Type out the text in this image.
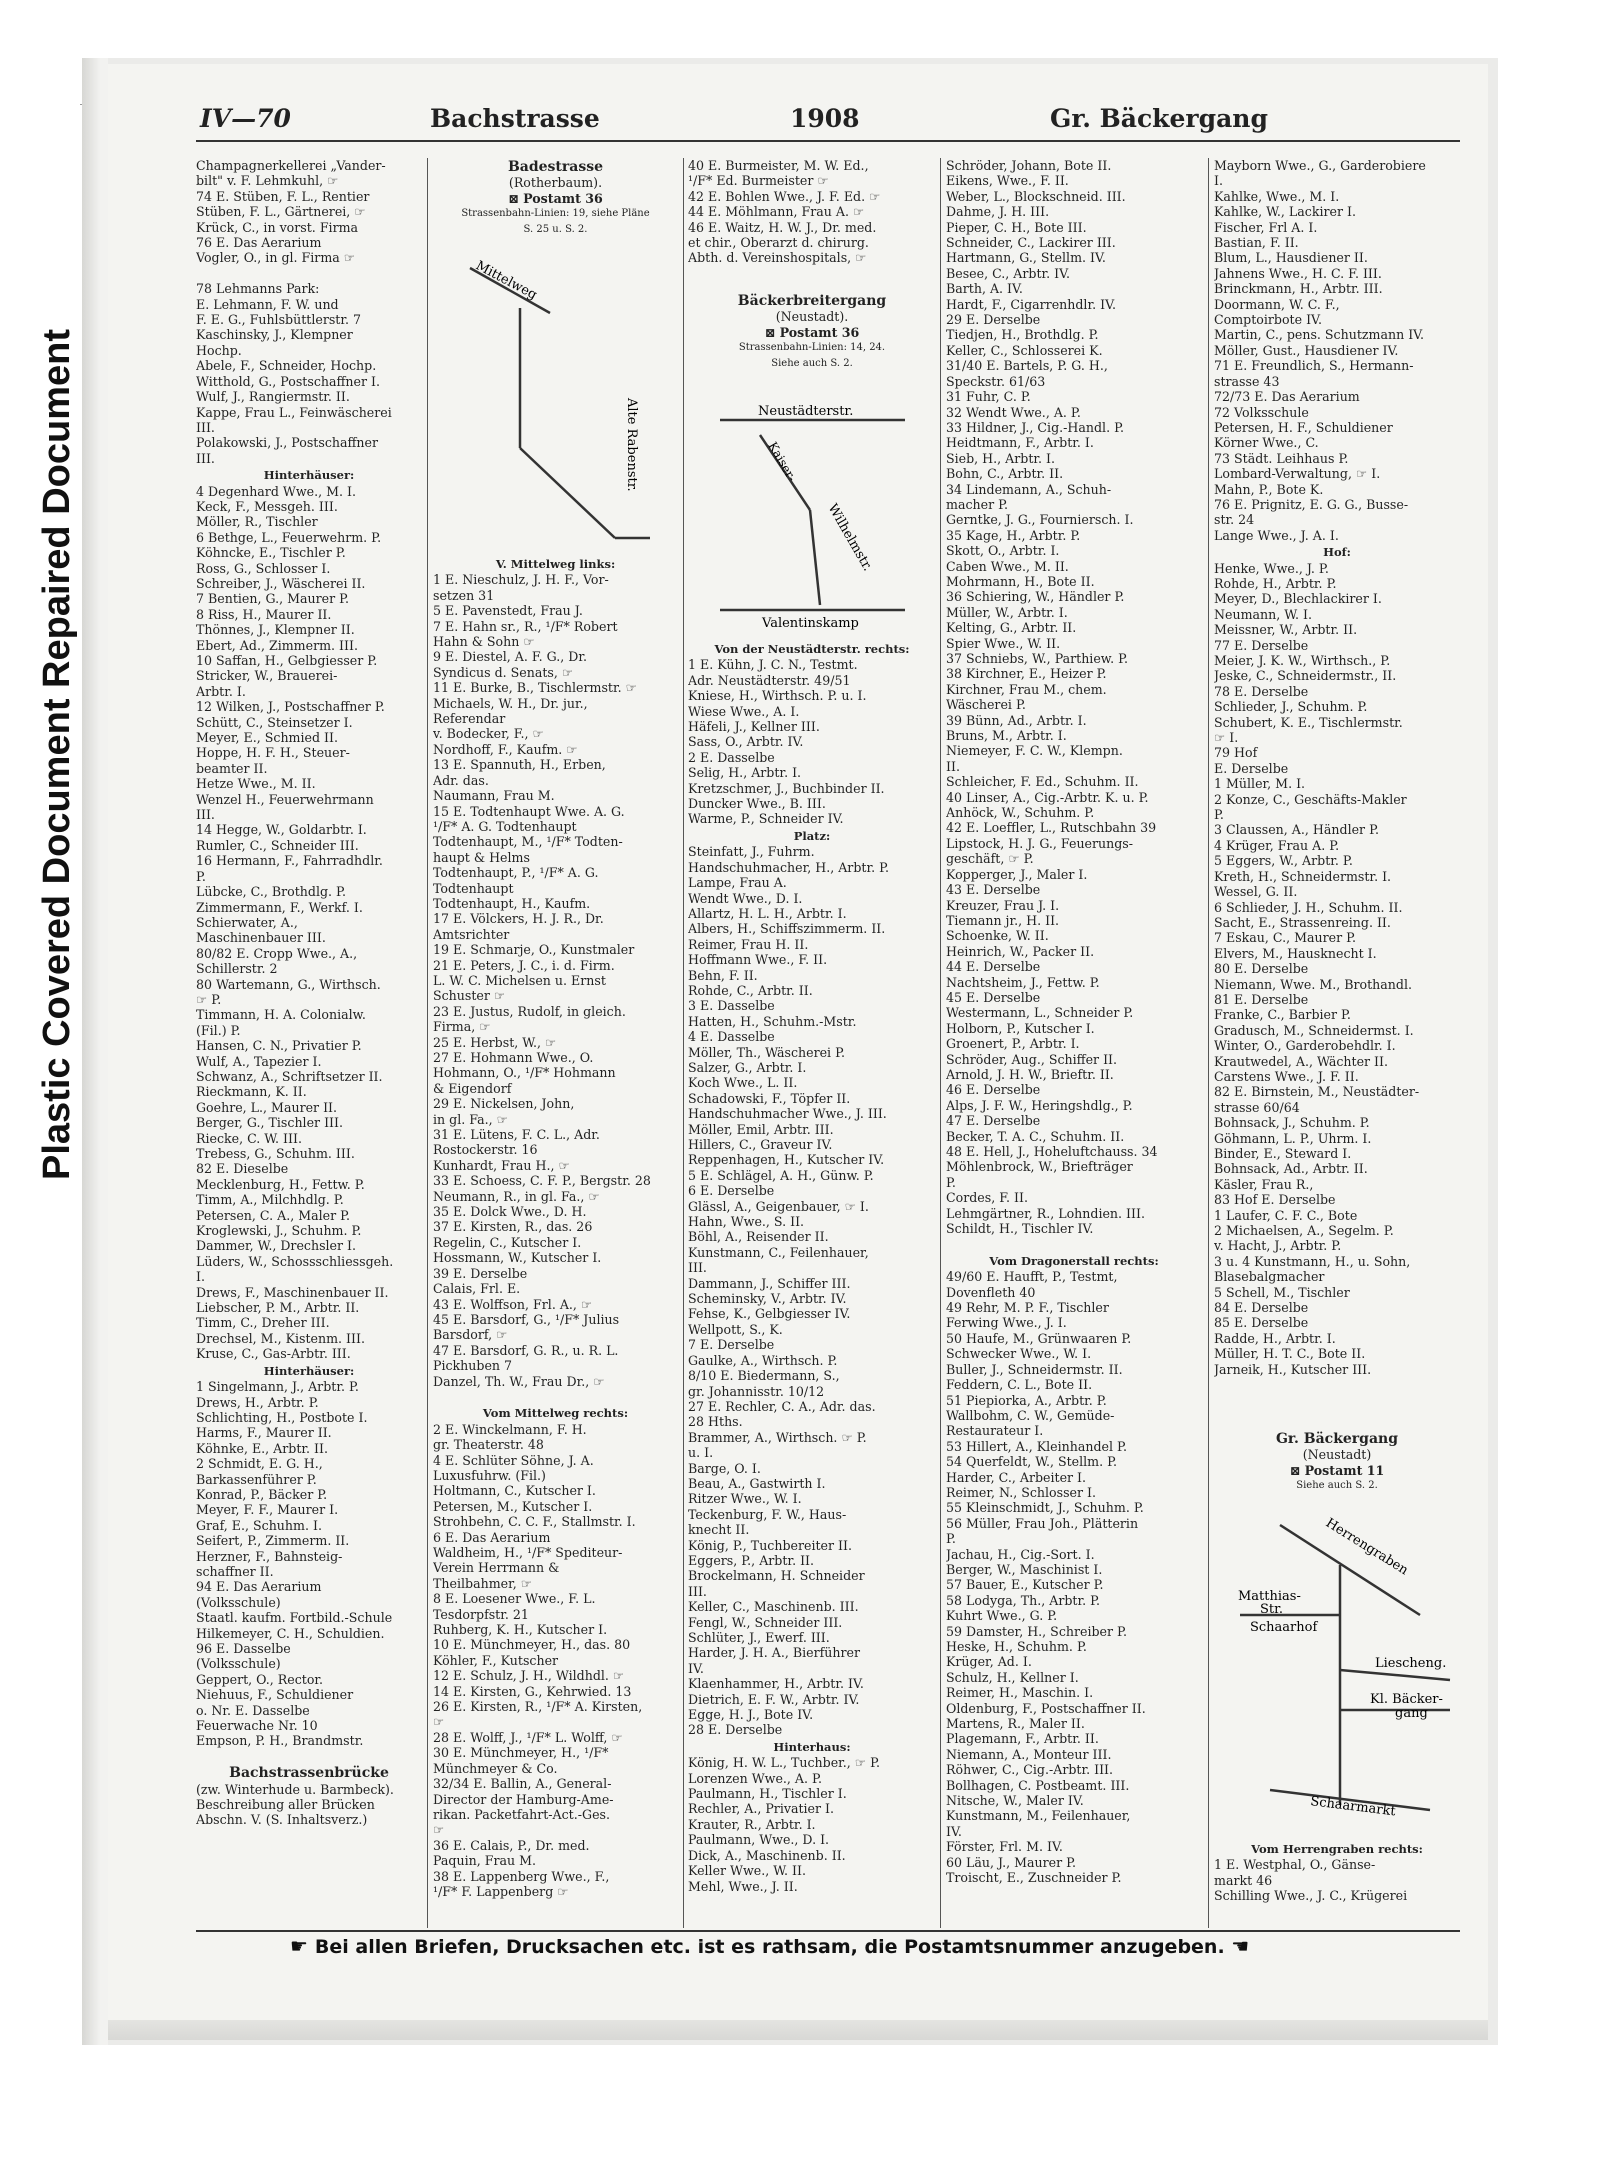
Plastic Covered Document Repaired Document
IV—70	Bachstrasse	1908	Gr. Bäckergang
Champagnerkellerei „Vander-
bilt" v. F. Lehmkuhl, ☞
74 E. Stüben, F. L., Rentier
Stüben, F. L., Gärtnerei, ☞
Krück, C., in vorst. Firma
76 E. Das Aerarium
Vogler, O., in gl. Firma ☞

78 Lehmanns Park:
E. Lehmann, F. W. und
F. E. G., Fuhlsbüttlerstr. 7
Kaschinsky, J., Klempner
Hochp.
Abele, F., Schneider, Hochp.
Witthold, G., Postschaffner I.
Wulf, J., Rangiermstr. II.
Kappe, Frau L., Feinwäscherei
III.
Polakowski, J., Postschaffner
III.
Hinterhäuser:
4 Degenhard Wwe., M. I.
Keck, F., Messgeh. III.
Möller, R., Tischler
6 Bethge, L., Feuerwehrm. P.
Köhncke, E., Tischler P.
Ross, G., Schlosser I.
Schreiber, J., Wäscherei II.
7 Bentien, G., Maurer P.
8 Riss, H., Maurer II.
Thönnes, J., Klempner II.
Ebert, Ad., Zimmerm. III.
10 Saffan, H., Gelbgiesser P.
Stricker, W., Brauerei-
Arbtr. I.
12 Wilken, J., Postschaffner P.
Schütt, C., Steinsetzer I.
Meyer, E., Schmied II.
Hoppe, H. F. H., Steuer-
beamter II.
Hetze Wwe., M. II.
Wenzel H., Feuerwehrmann
III.
14 Hegge, W., Goldarbtr. I.
Rumler, C., Schneider III.
16 Hermann, F., Fahrradhdlr.
P.
Lübcke, C., Brothdlg. P.
Zimmermann, F., Werkf. I.
Schierwater, A.,
Maschinenbauer III.
80/82 E. Cropp Wwe., A.,
Schillerstr. 2
80 Wartemann, G., Wirthsch.
☞ P.
Timmann, H. A. Colonialw.
(Fil.) P.
Hansen, C. N., Privatier P.
Wulf, A., Tapezier I.
Schwanz, A., Schriftsetzer II.
Rieckmann, K. II.
Goehre, L., Maurer II.
Berger, G., Tischler III.
Riecke, C. W. III.
Trebess, G., Schuhm. III.
82 E. Dieselbe
Mecklenburg, H., Fettw. P.
Timm, A., Milchhdlg. P.
Petersen, C. A., Maler P.
Kroglewski, J., Schuhm. P.
Dammer, W., Drechsler I.
Lüders, W., Schossschliessgeh.
I.
Drews, F., Maschinenbauer II.
Liebscher, P. M., Arbtr. II.
Timm, C., Dreher III.
Drechsel, M., Kistenm. III.
Kruse, C., Gas-Arbtr. III.
Hinterhäuser:
1 Singelmann, J., Arbtr. P.
Drews, H., Arbtr. P.
Schlichting, H., Postbote I.
Harms, F., Maurer II.
Köhnke, E., Arbtr. II.
2 Schmidt, E. G. H.,
Barkassenführer P.
Konrad, P., Bäcker P.
Meyer, F. F., Maurer I.
Graf, E., Schuhm. I.
Seifert, P., Zimmerm. II.
Herzner, F., Bahnsteig-
schaffner II.
94 E. Das Aerarium
(Volksschule)
Staatl. kaufm. Fortbild.-Schule
Hilkemeyer, C. H., Schuldien.
96 E. Dasselbe
(Volksschule)
Geppert, O., Rector.
Niehuus, F., Schuldiener
o. Nr. E. Dasselbe
Feuerwache Nr. 10
Empson, P. H., Brandmstr.

Bachstrassenbrücke
(zw. Winterhude u. Barmbeck).
Beschreibung aller Brücken
Abschn. V. (S. Inhaltsverz.)
Badestrasse
(Rotherbaum).
⊠ Postamt 36
Strassenbahn-Linien: 19, siehe Pläne
S. 25 u. S. 2.
Mittelweg
Alte Rabenstr.
V. Mittelweg links:
1 E. Nieschulz, J. H. F., Vor-
setzen 31
5 E. Pavenstedt, Frau J.
7 E. Hahn sr., R., ¹/F* Robert
Hahn & Sohn ☞
9 E. Diestel, A. F. G., Dr.
Syndicus d. Senats, ☞
11 E. Burke, B., Tischlermstr. ☞
Michaels, W. H., Dr. jur.,
Referendar
v. Bodecker, F., ☞
Nordhoff, F., Kaufm. ☞
13 E. Spannuth, H., Erben,
Adr. das.
Naumann, Frau M.
15 E. Todtenhaupt Wwe. A. G.
¹/F* A. G. Todtenhaupt
Todtenhaupt, M., ¹/F* Todten-
haupt & Helms
Todtenhaupt, P., ¹/F* A. G.
Todtenhaupt
Todtenhaupt, H., Kaufm.
17 E. Völckers, H. J. R., Dr.
Amtsrichter
19 E. Schmarje, O., Kunstmaler
21 E. Peters, J. C., i. d. Firm.
L. W. C. Michelsen u. Ernst
Schuster ☞
23 E. Justus, Rudolf, in gleich.
Firma, ☞
25 E. Herbst, W., ☞
27 E. Hohmann Wwe., O.
Hohmann, O., ¹/F* Hohmann
& Eigendorf
29 E. Nickelsen, John,
in gl. Fa., ☞
31 E. Lütens, F. C. L., Adr.
Rostockerstr. 16
Kunhardt, Frau H., ☞
33 E. Schoess, C. F. P., Bergstr. 28
Neumann, R., in gl. Fa., ☞
35 E. Dolck Wwe., D. H.
37 E. Kirsten, R., das. 26
Regelin, C., Kutscher I.
Hossmann, W., Kutscher I.
39 E. Derselbe
Calais, Frl. E.
43 E. Wolffson, Frl. A., ☞
45 E. Barsdorf, G., ¹/F* Julius
Barsdorf, ☞
47 E. Barsdorf, G. R., u. R. L.
Pickhuben 7
Danzel, Th. W., Frau Dr., ☞

Vom Mittelweg rechts:
2 E. Winckelmann, F. H.
gr. Theaterstr. 48
4 E. Schlüter Söhne, J. A.
Luxusfuhrw. (Fil.)
Holtmann, C., Kutscher I.
Petersen, M., Kutscher I.
Strohbehn, C. C. F., Stallmstr. I.
6 E. Das Aerarium
Waldheim, H., ¹/F* Spediteur-
Verein Herrmann &
Theilbahmer, ☞
8 E. Loesener Wwe., F. L.
Tesdorpfstr. 21
Ruhberg, K. H., Kutscher I.
10 E. Münchmeyer, H., das. 80
Köhler, F., Kutscher
12 E. Schulz, J. H., Wildhdl. ☞
14 E. Kirsten, G., Kehrwied. 13
26 E. Kirsten, R., ¹/F* A. Kirsten,
☞
28 E. Wolff, J., ¹/F* L. Wolff, ☞
30 E. Münchmeyer, H., ¹/F*
Münchmeyer & Co.
32/34 E. Ballin, A., General-
Director der Hamburg-Ame-
rikan. Packetfahrt-Act.-Ges.
☞
36 E. Calais, P., Dr. med.
Paquin, Frau M.
38 E. Lappenberg Wwe., F.,
¹/F* F. Lappenberg ☞
40 E. Burmeister, M. W. Ed.,
¹/F* Ed. Burmeister ☞
42 E. Bohlen Wwe., J. F. Ed. ☞
44 E. Möhlmann, Frau A. ☞
46 E. Waitz, H. W. J., Dr. med.
et chir., Oberarzt d. chirurg.
Abth. d. Vereinshospitals, ☞
Bäckerbreitergang
(Neustadt).
⊠ Postamt 36
Strassenbahn-Linien: 14, 24.
Siehe auch S. 2.
Neustädterstr.
Kaiser-
Wilhelmstr.
Valentinskamp
Von der Neustädterstr. rechts:
1 E. Kühn, J. C. N., Testmt.
Adr. Neustädterstr. 49/51
Kniese, H., Wirthsch. P. u. I.
Wiese Wwe., A. I.
Häfeli, J., Kellner III.
Sass, O., Arbtr. IV.
2 E. Dasselbe
Selig, H., Arbtr. I.
Kretzschmer, J., Buchbinder II.
Duncker Wwe., B. III.
Warme, P., Schneider IV.
Platz:
Steinfatt, J., Fuhrm.
Handschuhmacher, H., Arbtr. P.
Lampe, Frau A.
Wendt Wwe., D. I.
Allartz, H. L. H., Arbtr. I.
Albers, H., Schiffszimmerm. II.
Reimer, Frau H. II.
Hoffmann Wwe., F. II.
Behn, F. II.
Rohde, C., Arbtr. II.
3 E. Dasselbe
Hatten, H., Schuhm.-Mstr.
4 E. Dasselbe
Möller, Th., Wäscherei P.
Salzer, G., Arbtr. I.
Koch Wwe., L. II.
Schadowski, F., Töpfer II.
Handschuhmacher Wwe., J. III.
Möller, Emil, Arbtr. III.
Hillers, C., Graveur IV.
Reppenhagen, H., Kutscher IV.
5 E. Schlägel, A. H., Günw. P.
6 E. Derselbe
Glässl, A., Geigenbauer, ☞ I.
Hahn, Wwe., S. II.
Böhl, A., Reisender II.
Kunstmann, C., Feilenhauer,
III.
Dammann, J., Schiffer III.
Scheminsky, V., Arbtr. IV.
Fehse, K., Gelbgiesser IV.
Wellpott, S., K.
7 E. Derselbe
Gaulke, A., Wirthsch. P.
8/10 E. Biedermann, S.,
gr. Johannisstr. 10/12
27 E. Rechler, C. A., Adr. das.
28 Hths.
Brammer, A., Wirthsch. ☞ P.
u. I.
Barge, O. I.
Beau, A., Gastwirth I.
Ritzer Wwe., W. I.
Teckenburg, F. W., Haus-
knecht II.
König, P., Tuchbereiter II.
Eggers, P., Arbtr. II.
Brockelmann, H. Schneider
III.
Keller, C., Maschinenb. III.
Fengl, W., Schneider III.
Schlüter, J., Ewerf. III.
Harder, J. H. A., Bierführer
IV.
Klaenhammer, H., Arbtr. IV.
Dietrich, E. F. W., Arbtr. IV.
Egge, H. J., Bote IV.
28 E. Derselbe
Hinterhaus:
König, H. W. L., Tuchber., ☞ P.
Lorenzen Wwe., A. P.
Paulmann, H., Tischler I.
Rechler, A., Privatier I.
Krauter, R., Arbtr. I.
Paulmann, Wwe., D. I.
Dick, A., Maschinenb. II.
Keller Wwe., W. II.
Mehl, Wwe., J. II.
Schröder, Johann, Bote II.
Eikens, Wwe., F. II.
Weber, L., Blockschneid. III.
Dahme, J. H. III.
Pieper, C. H., Bote III.
Schneider, C., Lackirer III.
Hartmann, G., Stellm. IV.
Besee, C., Arbtr. IV.
Barth, A. IV.
Hardt, F., Cigarrenhdlr. IV.
29 E. Derselbe
Tiedjen, H., Brothdlg. P.
Keller, C., Schlosserei K.
31/40 E. Bartels, P. G. H.,
Speckstr. 61/63
31 Fuhr, C. P.
32 Wendt Wwe., A. P.
33 Hildner, J., Cig.-Handl. P.
Heidtmann, F., Arbtr. I.
Sieb, H., Arbtr. I.
Bohn, C., Arbtr. II.
34 Lindemann, A., Schuh-
macher P.
Gerntke, J. G., Fourniersch. I.
35 Kage, H., Arbtr. P.
Skott, O., Arbtr. I.
Caben Wwe., M. II.
Mohrmann, H., Bote II.
36 Schiering, W., Händler P.
Müller, W., Arbtr. I.
Kelting, G., Arbtr. II.
Spier Wwe., W. II.
37 Schniebs, W., Parthiew. P.
38 Kirchner, E., Heizer P.
Kirchner, Frau M., chem.
Wäscherei P.
39 Bünn, Ad., Arbtr. I.
Bruns, M., Arbtr. I.
Niemeyer, F. C. W., Klempn.
II.
Schleicher, F. Ed., Schuhm. II.
40 Linser, A., Cig.-Arbtr. K. u. P.
Anhöck, W., Schuhm. P.
42 E. Loeffler, L., Rutschbahn 39
Lipstock, H. J. G., Feuerungs-
geschäft, ☞ P.
Kopperger, J., Maler I.
43 E. Derselbe
Kreuzer, Frau J. I.
Tiemann jr., H. II.
Schoenke, W. II.
Heinrich, W., Packer II.
44 E. Derselbe
Nachtsheim, J., Fettw. P.
45 E. Derselbe
Westermann, L., Schneider P.
Holborn, P., Kutscher I.
Groenert, P., Arbtr. I.
Schröder, Aug., Schiffer II.
Arnold, J. H. W., Brieftr. II.
46 E. Derselbe
Alps, J. F. W., Heringshdlg., P.
47 E. Derselbe
Becker, T. A. C., Schuhm. II.
48 E. Hell, J., Hoheluftchauss. 34
Möhlenbrock, W., Briefträger
P.
Cordes, F. II.
Lehmgärtner, R., Lohndien. III.
Schildt, H., Tischler IV.

Vom Dragonerstall rechts:
49/60 E. Haufft, P., Testmt,
Dovenfleth 40
49 Rehr, M. P. F., Tischler
Ferwing Wwe., J. I.
50 Haufe, M., Grünwaaren P.
Schwecker Wwe., W. I.
Buller, J., Schneidermstr. II.
Feddern, C. L., Bote II.
51 Piepiorka, A., Arbtr. P.
Wallbohm, C. W., Gemüde-
Restaurateur I.
53 Hillert, A., Kleinhandel P.
54 Querfeldt, W., Stellm. P.
Harder, C., Arbeiter I.
Reimer, N., Schlosser I.
55 Kleinschmidt, J., Schuhm. P.
56 Müller, Frau Joh., Plätterin
P.
Jachau, H., Cig.-Sort. I.
Berger, W., Maschinist I.
57 Bauer, E., Kutscher P.
58 Lodyga, Th., Arbtr. P.
Kuhrt Wwe., G. P.
59 Damster, H., Schreiber P.
Heske, H., Schuhm. P.
Krüger, Ad. I.
Schulz, H., Kellner I.
Reimer, H., Maschin. I.
Oldenburg, F., Postschaffner II.
Martens, R., Maler II.
Plagemann, F., Arbtr. II.
Niemann, A., Monteur III.
Röhwer, C., Cig.-Arbtr. III.
Bollhagen, C. Postbeamt. III.
Nitsche, W., Maler IV.
Kunstmann, M., Feilenhauer,
IV.
Förster, Frl. M. IV.
60 Läu, J., Maurer P.
Troischt, E., Zuschneider P.
Mayborn Wwe., G., Garderobiere
I.
Kahlke, Wwe., M. I.
Kahlke, W., Lackirer I.
Fischer, Frl A. I.
Bastian, F. II.
Blum, L., Hausdiener II.
Jahnens Wwe., H. C. F. III.
Brinckmann, H., Arbtr. III.
Doormann, W. C. F.,
Comptoirbote IV.
Martin, C., pens. Schutzmann IV.
Möller, Gust., Hausdiener IV.
71 E. Freundlich, S., Hermann-
strasse 43
72/73 E. Das Aerarium
72 Volksschule
Petersen, H. F., Schuldiener
Körner Wwe., C.
73 Städt. Leihhaus P.
Lombard-Verwaltung, ☞ I.
Mahn, P., Bote K.
76 E. Prignitz, E. G. G., Busse-
str. 24
Lange Wwe., J. A. I.
Hof:
Henke, Wwe., J. P.
Rohde, H., Arbtr. P.
Meyer, D., Blechlackirer I.
Neumann, W. I.
Meissner, W., Arbtr. II.
77 E. Derselbe
Meier, J. K. W., Wirthsch., P.
Jeske, C., Schneidermstr., II.
78 E. Derselbe
Schlieder, J., Schuhm. P.
Schubert, K. E., Tischlermstr.
☞ I.
79 Hof
E. Derselbe
1 Müller, M. I.
2 Konze, C., Geschäfts-Makler
P.
3 Claussen, A., Händler P.
4 Krüger, Frau A. P.
5 Eggers, W., Arbtr. P.
Kreth, H., Schneidermstr. I.
Wessel, G. II.
6 Schlieder, J. H., Schuhm. II.
Sacht, E., Strassenreing. II.
7 Eskau, C., Maurer P.
Elvers, M., Hausknecht I.
80 E. Derselbe
Niemann, Wwe. M., Brothandl.
81 E. Derselbe
Franke, C., Barbier P.
Gradusch, M., Schneidermst. I.
Winter, O., Garderobehdlr. I.
Krautwedel, A., Wächter II.
Carstens Wwe., J. F. II.
82 E. Birnstein, M., Neustädter-
strasse 60/64
Bohnsack, J., Schuhm. P.
Göhmann, L. P., Uhrm. I.
Binder, E., Steward I.
Bohnsack, Ad., Arbtr. II.
Käsler, Frau R.,
83 Hof E. Derselbe
1 Laufer, C. F. C., Bote
2 Michaelsen, A., Segelm. P.
v. Hacht, J., Arbtr. P.
3 u. 4 Kunstmann, H., u. Sohn,
Blasebalgmacher
5 Schell, M., Tischler
84 E. Derselbe
85 E. Derselbe
Radde, H., Arbtr. I.
Müller, H. T. C., Bote II.
Jarneik, H., Kutscher III.
Gr. Bäckergang
(Neustadt)
⊠ Postamt 11
Siehe auch S. 2.
Herrengraben
Matthias-
Str.
Schaarhof
Liescheng.
Kl. Bäcker-
gang
Schaarmarkt
Vom Herrengraben rechts:
1 E. Westphal, O., Gänse-
markt 46
Schilling Wwe., J. C., Krügerei
☛ Bei allen Briefen, Drucksachen etc. ist es rathsam, die Postamtsnummer anzugeben. ☚
